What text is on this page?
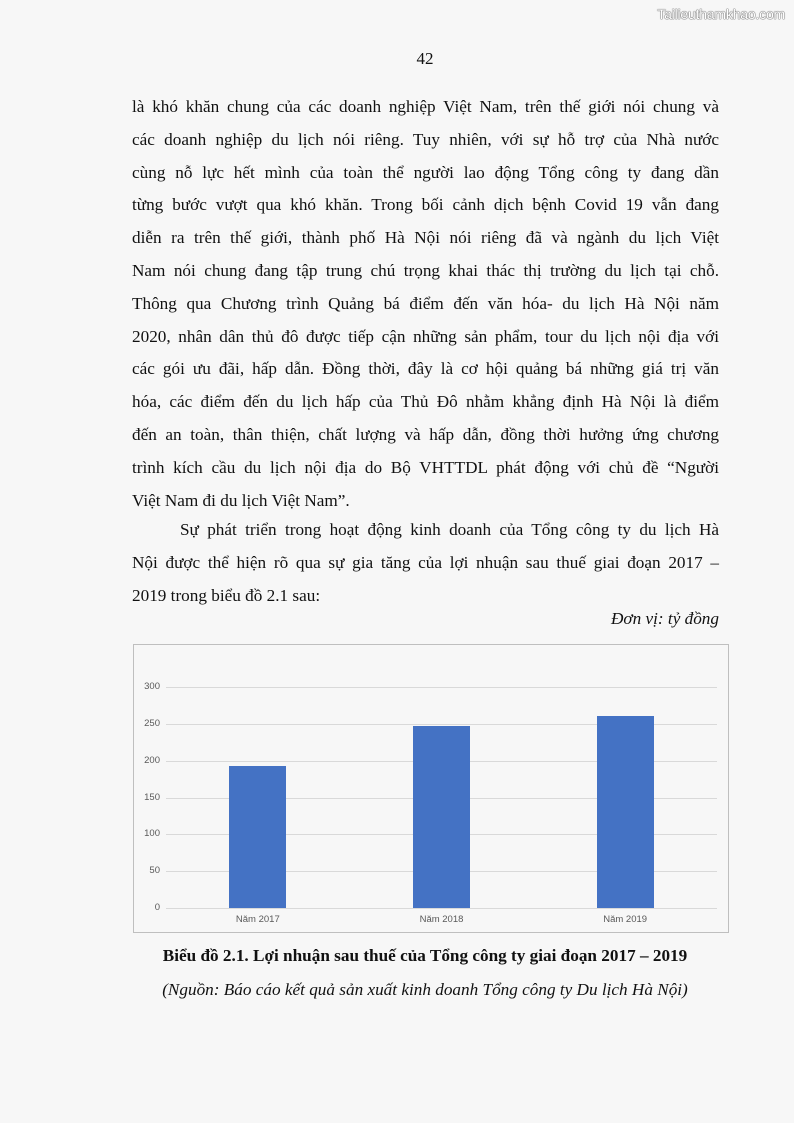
Tailieuthamkhao.com
42
là khó khăn chung của các doanh nghiệp Việt Nam, trên thế giới nói chung và
các doanh nghiệp du lịch nói riêng. Tuy nhiên, với sự hỗ trợ của Nhà nước
cùng nỗ lực hết mình của toàn thể người lao động Tổng công ty đang dần
từng bước vượt qua khó khăn. Trong bối cảnh dịch bệnh Covid 19 vẫn đang
diễn ra trên thế giới, thành phố Hà Nội nói riêng đã và ngành du lịch Việt
Nam nói chung đang tập trung chú trọng khai thác thị trường du lịch tại chỗ.
Thông qua Chương trình Quảng bá điểm đến văn hóa- du lịch Hà Nội năm
2020, nhân dân thủ đô được tiếp cận những sản phẩm, tour du lịch nội địa với
các gói ưu đãi, hấp dẫn. Đồng thời, đây là cơ hội quảng bá những giá trị văn
hóa, các điểm đến du lịch hấp của Thủ Đô nhằm khẳng định Hà Nội là điểm
đến an toàn, thân thiện, chất lượng và hấp dẫn, đồng thời hưởng ứng chương
trình kích cầu du lịch nội địa do Bộ VHTTDL phát động với chủ đề “Người
Việt Nam đi du lịch Việt Nam”.
Sự phát triển trong hoạt động kinh doanh của Tổng công ty du lịch Hà
Nội được thể hiện rõ qua sự gia tăng của lợi nhuận sau thuế giai đoạn 2017 –
2019 trong biểu đồ 2.1 sau:
Đơn vị: tỷ đồng
0
50
100
150
200
250
300
Năm 2017	Năm 2018	Năm 2019
Biểu đồ 2.1. Lợi nhuận sau thuế của Tổng công ty giai đoạn 2017 – 2019
(Nguồn: Báo cáo kết quả sản xuất kinh doanh Tổng công ty Du lịch Hà Nội)
